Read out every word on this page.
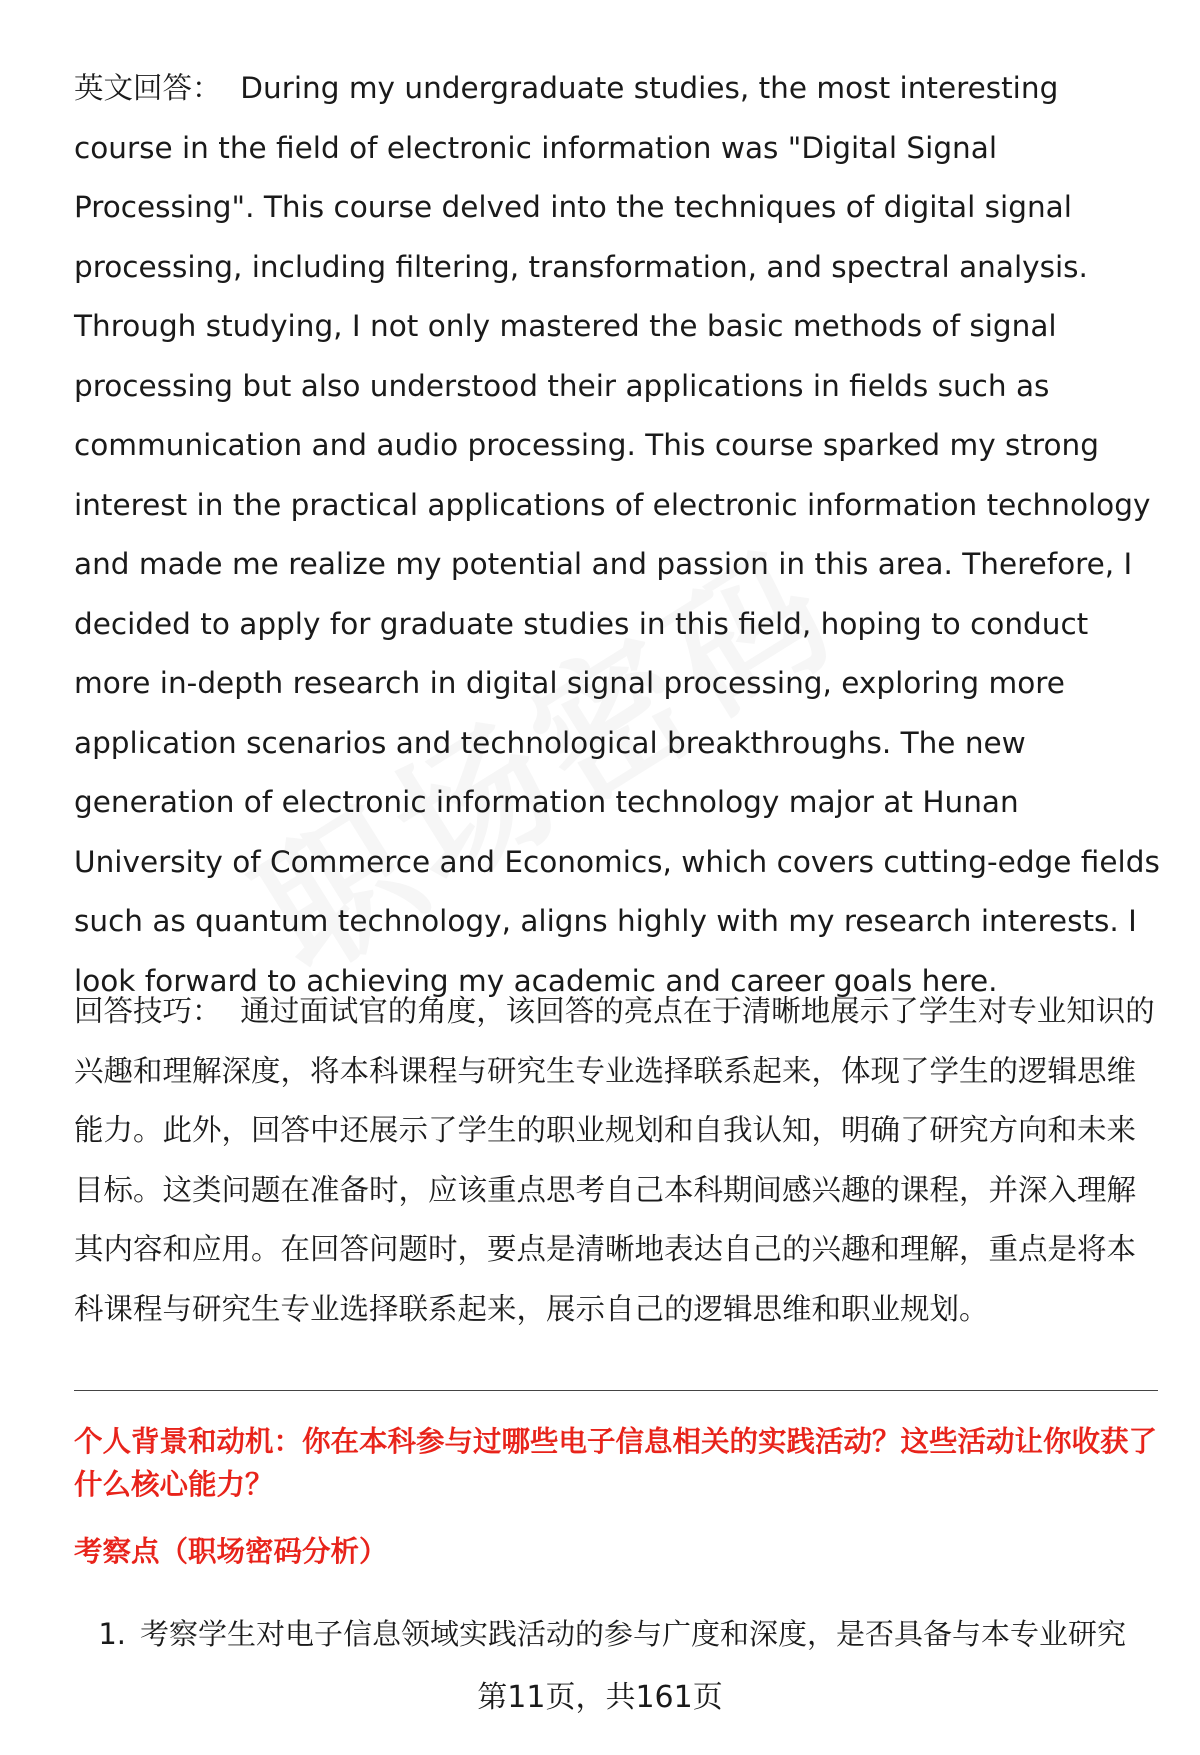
英文回答： During my undergraduate studies, the most interesting course in the field of electronic information was "Digital Signal Processing". This course delved into the techniques of digital signal processing, including filtering, transformation, and spectral analysis. Through studying, I not only mastered the basic methods of signal processing but also understood their applications in fields such as communication and audio processing. This course sparked my strong interest in the practical applications of electronic information technology and made me realize my potential and passion in this area. Therefore, I decided to apply for graduate studies in this field, hoping to conduct more in-depth research in digital signal processing, exploring more application scenarios and technological breakthroughs. The new generation of electronic information technology major at Hunan University of Commerce and Economics, which covers cutting-edge fields such as quantum technology, aligns highly with my research interests. I look forward to achieving my academic and career goals here.

回答技巧： 通过面试官的角度，该回答的亮点在于清晰地展示了学生对专业知识的兴趣和理解深度，将本科课程与研究生专业选择联系起来，体现了学生的逻辑思维能力。此外，回答中还展示了学生的职业规划和自我认知，明确了研究方向和未来目标。这类问题在准备时，应该重点思考自己本科期间感兴趣的课程，并深入理解其内容和应用。在回答问题时，要点是清晰地表达自己的兴趣和理解，重点是将本科课程与研究生专业选择联系起来，展示自己的逻辑思维和职业规划。

个人背景和动机：你在本科参与过哪些电子信息相关的实践活动？这些活动让你收获了什么核心能力？

考察点（职场密码分析）

1. 考察学生对电子信息领域实践活动的参与广度和深度，是否具备与本专业研究
第11页，共161页
